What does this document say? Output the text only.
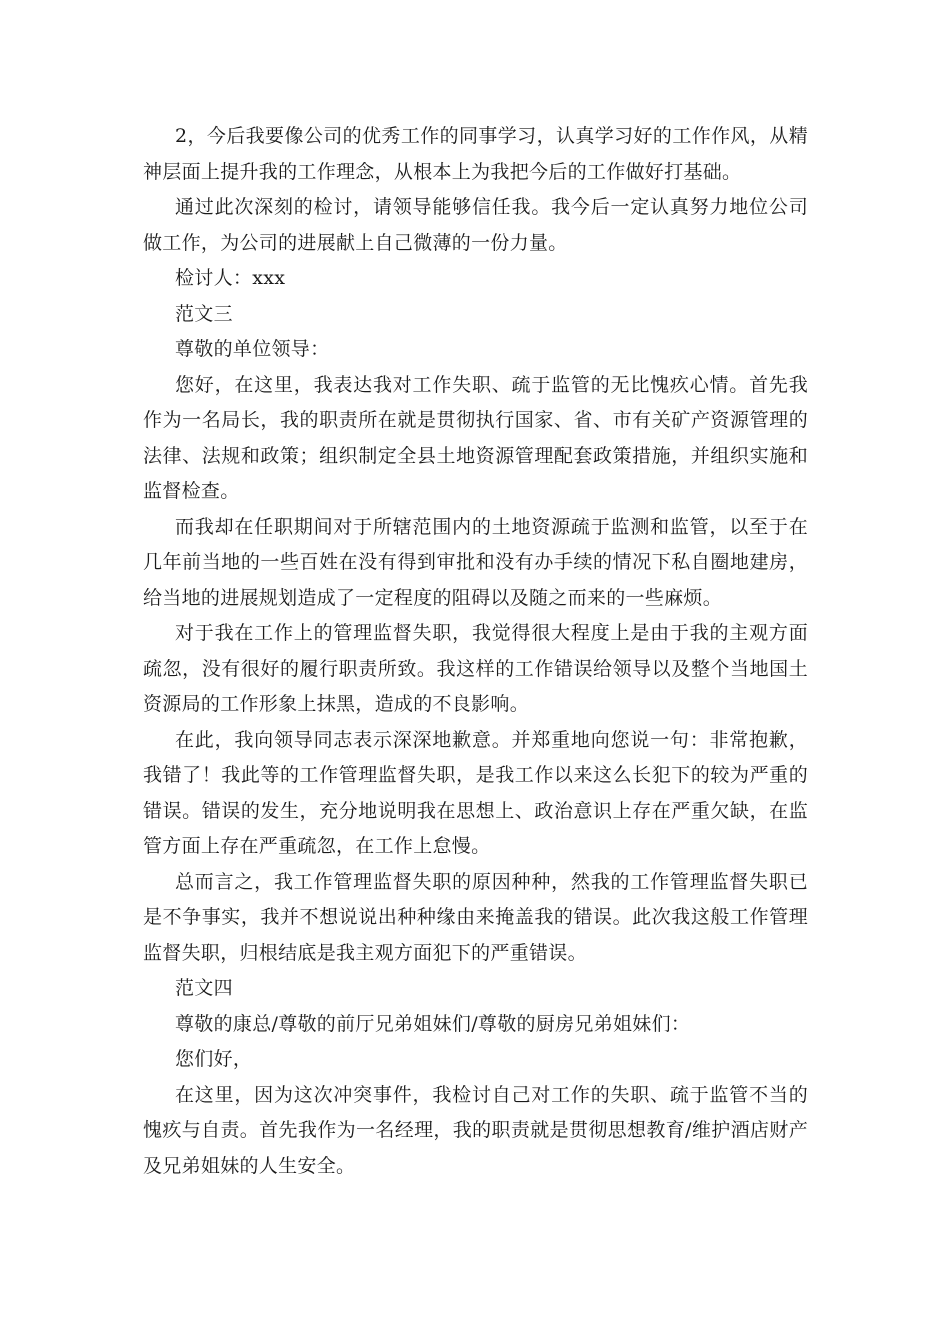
2，今后我要像公司的优秀工作的同事学习，认真学习好的工作作风，从精神层面上提升我的工作理念，从根本上为我把今后的工作做好打基础。

通过此次深刻的检讨，请领导能够信任我。我今后一定认真努力地位公司做工作，为公司的进展献上自己微薄的一份力量。

检讨人：xxx

范文三

尊敬的单位领导：

您好，在这里，我表达我对工作失职、疏于监管的无比愧疚心情。首先我作为一名局长，我的职责所在就是贯彻执行国家、省、市有关矿产资源管理的法律、法规和政策；组织制定全县土地资源管理配套政策措施，并组织实施和监督检查。

而我却在任职期间对于所辖范围内的土地资源疏于监测和监管，以至于在几年前当地的一些百姓在没有得到审批和没有办手续的情况下私自圈地建房，给当地的进展规划造成了一定程度的阻碍以及随之而来的一些麻烦。

对于我在工作上的管理监督失职，我觉得很大程度上是由于我的主观方面疏忽，没有很好的履行职责所致。我这样的工作错误给领导以及整个当地国土资源局的工作形象上抹黑，造成的不良影响。

在此，我向领导同志表示深深地歉意。并郑重地向您说一句：非常抱歉，我错了！我此等的工作管理监督失职，是我工作以来这么长犯下的较为严重的错误。错误的发生，充分地说明我在思想上、政治意识上存在严重欠缺，在监管方面上存在严重疏忽，在工作上怠慢。

总而言之，我工作管理监督失职的原因种种，然我的工作管理监督失职已是不争事实，我并不想说说出种种缘由来掩盖我的错误。此次我这般工作管理监督失职，归根结底是我主观方面犯下的严重错误。

范文四

尊敬的康总/尊敬的前厅兄弟姐妹们/尊敬的厨房兄弟姐妹们：

您们好，

在这里，因为这次冲突事件，我检讨自己对工作的失职、疏于监管不当的愧疚与自责。首先我作为一名经理，我的职责就是贯彻思想教育/维护酒店财产及兄弟姐妹的人生安全。
